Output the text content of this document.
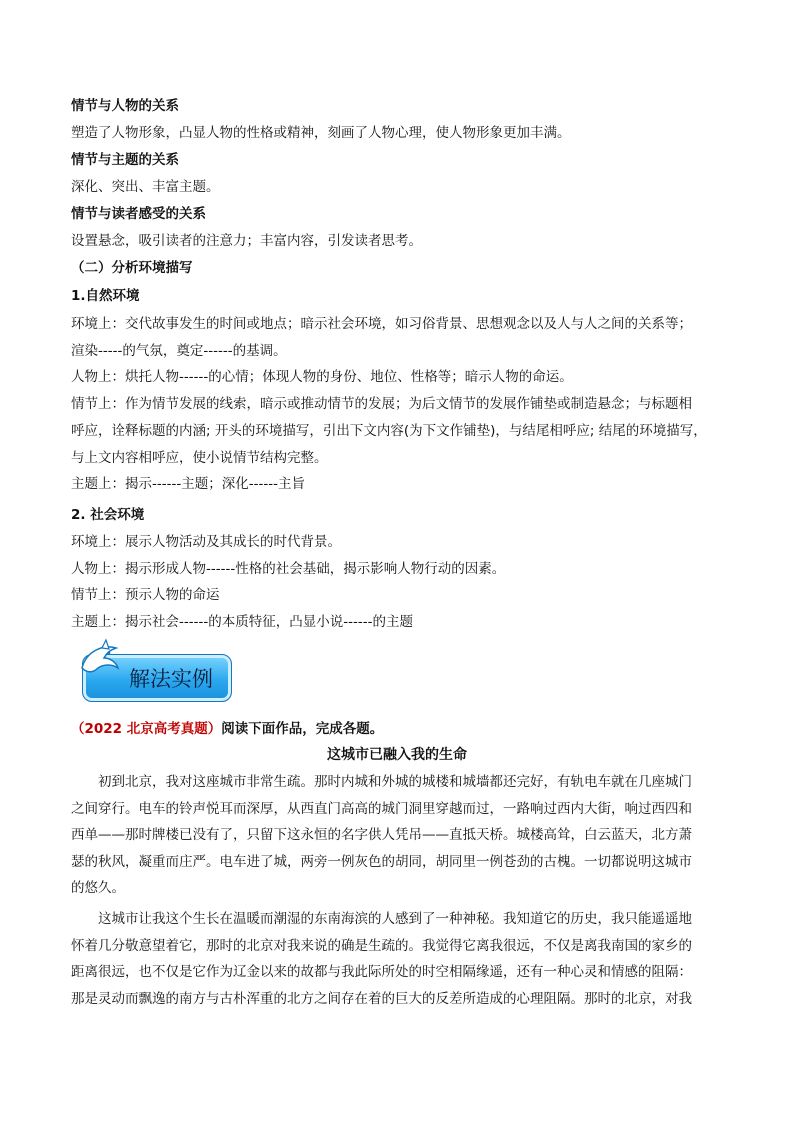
情节与人物的关系
塑造了人物形象，凸显人物的性格或精神，刻画了人物心理，使人物形象更加丰满。
情节与主题的关系
深化、突出、丰富主题。
情节与读者感受的关系
设置悬念，吸引读者的注意力；丰富内容，引发读者思考。
（二）分析环境描写
1.自然环境
环境上：交代故事发生的时间或地点；暗示社会环境，如习俗背景、思想观念以及人与人之间的关系等；
渲染-----的气氛，奠定------的基调。
人物上：烘托人物------的心情；体现人物的身份、地位、性格等；暗示人物的命运。
情节上：作为情节发展的线索，暗示或推动情节的发展；为后文情节的发展作铺垫或制造悬念；与标题相
呼应，诠释标题的内涵; 开头的环境描写，引出下文内容(为下文作铺垫)，与结尾相呼应; 结尾的环境描写，
与上文内容相呼应，使小说情节结构完整。
主题上：揭示------主题；深化------主旨
2. 社会环境
环境上：展示人物活动及其成长的时代背景。
人物上：揭示形成人物------性格的社会基础，揭示影响人物行动的因素。
情节上：预示人物的命运
主题上：揭示社会------的本质特征，凸显小说------的主题
解法实例
（2022 北京高考真题）阅读下面作品，完成各题。
这城市已融入我的生命
初到北京，我对这座城市非常生疏。那时内城和外城的城楼和城墙都还完好，有轨电车就在几座城门
之间穿行。电车的铃声悦耳而深厚，从西直门高高的城门洞里穿越而过，一路响过西内大街，响过西四和
西单——那时牌楼已没有了，只留下这永恒的名字供人凭吊——直抵天桥。城楼高耸，白云蓝天，北方萧
瑟的秋风，凝重而庄严。电车进了城，两旁一例灰色的胡同，胡同里一例苍劲的古槐。一切都说明这城市
的悠久。
这城市让我这个生长在温暖而潮湿的东南海滨的人感到了一种神秘。我知道它的历史，我只能遥遥地
怀着几分敬意望着它，那时的北京对我来说的确是生疏的。我觉得它离我很远，不仅是离我南国的家乡的
距离很远，也不仅是它作为辽金以来的故都与我此际所处的时空相隔缘遥，还有一种心灵和情感的阻隔：
那是灵动而飘逸的南方与古朴浑重的北方之间存在着的巨大的反差所造成的心理阻隔。那时的北京，对我
